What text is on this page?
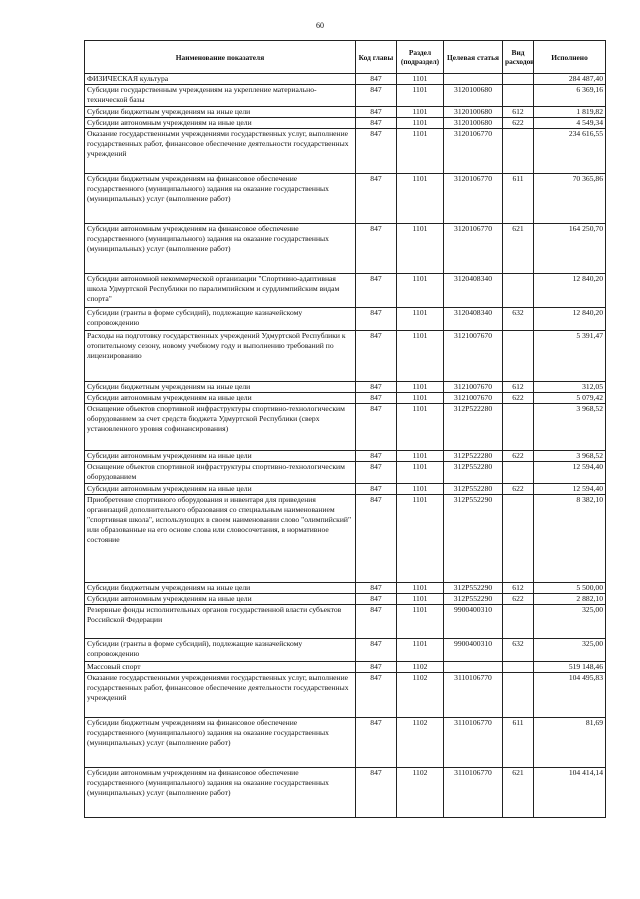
60
Наименование показателя	Код главы	Раздел (подраздел)	Целевая статья	Вид расходов	Исполнено
ФИЗИЧЕСКАЯ культура	847	1101			284 487,40
Субсидии государственным учреждениям на укрепление материально-технической базы	847	1101	3120100680		6 369,16
Субсидии бюджетным учреждениям на иные цели	847	1101	3120100680	612	1 819,82
Субсидии автономным учреждениям на иные цели	847	1101	3120100680	622	4 549,34
Оказание государственными учреждениями государственных услуг, выполнение государственных работ, финансовое обеспечение деятельности государственных учреждений	847	1101	3120106770		234 616,55
Субсидии бюджетным учреждениям на финансовое обеспечение государственного (муниципального) задания на оказание государственных (муниципальных) услуг (выполнение работ)	847	1101	3120106770	611	70 365,86
Субсидии автономным учреждениям на финансовое обеспечение государственного (муниципального) задания на оказание государственных (муниципальных) услуг (выполнение работ)	847	1101	3120106770	621	164 250,70
Субсидии автономной некоммерческой организации "Спортивно-адаптивная школа Удмуртской Республики по паралимпийским и сурдлимпийским видам спорта"	847	1101	3120408340		12 840,20
Субсидии (гранты в форме субсидий), подлежащие казначейскому сопровождению	847	1101	3120408340	632	12 840,20
Расходы на подготовку государственных учреждений Удмуртской Республики к отопительному сезону, новому учебному году и выполнению требований по лицензированию	847	1101	3121007670		5 391,47
Субсидии бюджетным учреждениям на иные цели	847	1101	3121007670	612	312,05
Субсидии автономным учреждениям на иные цели	847	1101	3121007670	622	5 079,42
Оснащение объектов спортивной инфраструктуры спортивно-технологическим оборудованием за счет средств бюджета Удмуртской Республики (сверх установленного уровня софинансирования)	847	1101	312P522280		3 968,52
Субсидии автономным учреждениям на иные цели	847	1101	312P522280	622	3 968,52
Оснащение объектов спортивной инфраструктуры спортивно-технологическим оборудованием	847	1101	312P552280		12 594,40
Субсидии автономным учреждениям на иные цели	847	1101	312P552280	622	12 594,40
Приобретение спортивного оборудования и инвентаря для приведения организаций дополнительного образования со специальным наименованием "спортивная школа", использующих в своем наименовании слово "олимпийский" или образованные на его основе слова или словосочетания, в нормативное состояние	847	1101	312P552290		8 382,10
Субсидии бюджетным учреждениям на иные цели	847	1101	312P552290	612	5 500,00
Субсидии автономным учреждениям на иные цели	847	1101	312P552290	622	2 882,10
Резервные фонды исполнительных органов государственной власти субъектов Российской Федерации	847	1101	9900400310		325,00
Субсидии (гранты в форме субсидий), подлежащие казначейскому сопровождению	847	1101	9900400310	632	325,00
Массовый спорт	847	1102			519 148,46
Оказание государственными учреждениями государственных услуг, выполнение государственных работ, финансовое обеспечение деятельности государственных учреждений	847	1102	3110106770		104 495,83
Субсидии бюджетным учреждениям на финансовое обеспечение государственного (муниципального) задания на оказание государственных (муниципальных) услуг (выполнение работ)	847	1102	3110106770	611	81,69
Субсидии автономным учреждениям на финансовое обеспечение государственного (муниципального) задания на оказание государственных (муниципальных) услуг (выполнение работ)	847	1102	3110106770	621	104 414,14
